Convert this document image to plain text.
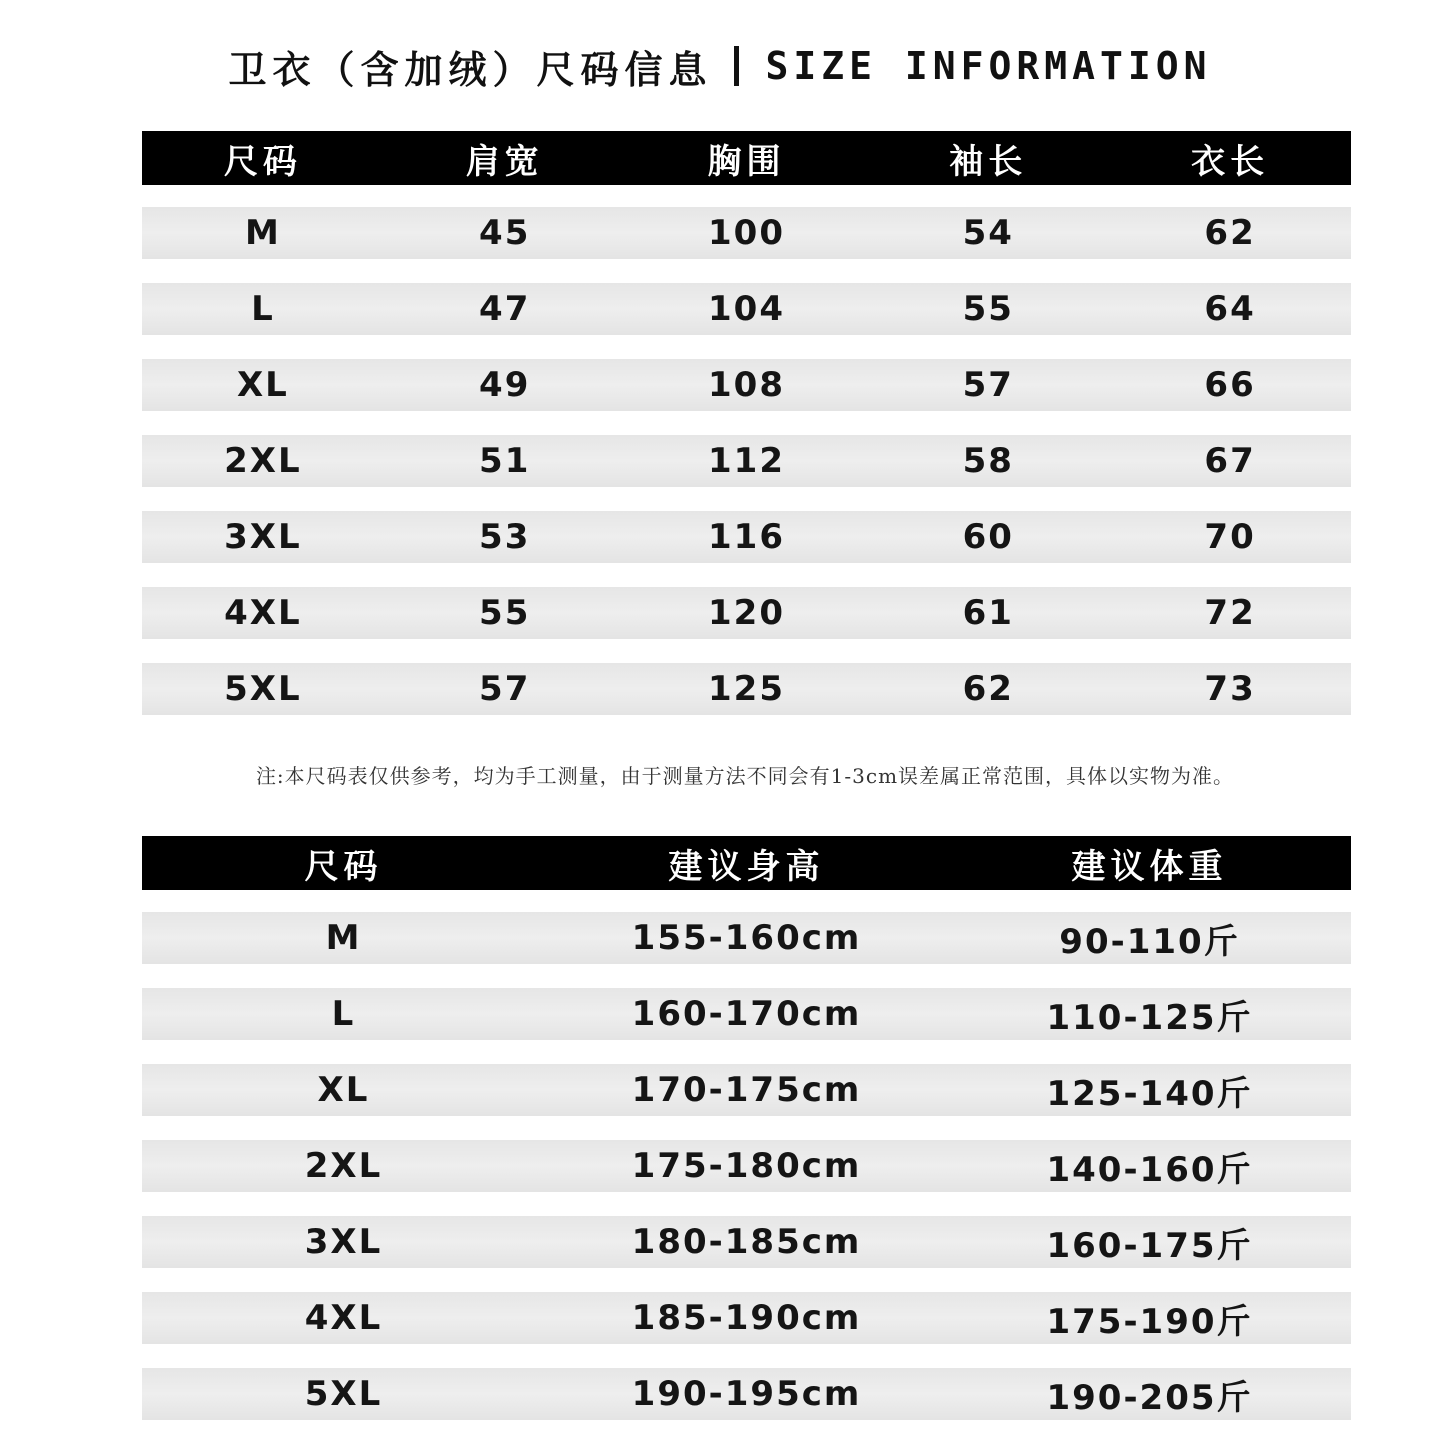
卫衣（含加绒）尺码信息 SIZE INFORMATION
尺码	肩宽	胸围	袖长	衣长
M	45	100	54	62
L	47	104	55	64
XL	49	108	57	66
2XL	51	112	58	67
3XL	53	116	60	70
4XL	55	120	61	72
5XL	57	125	62	73
注:本尺码表仅供参考，均为手工测量，由于测量方法不同会有1-3cm误差属正常范围，具体以实物为准。
尺码	建议身高	建议体重
M	155-160cm	90-110斤
L	160-170cm	110-125斤
XL	170-175cm	125-140斤
2XL	175-180cm	140-160斤
3XL	180-185cm	160-175斤
4XL	185-190cm	175-190斤
5XL	190-195cm	190-205斤
